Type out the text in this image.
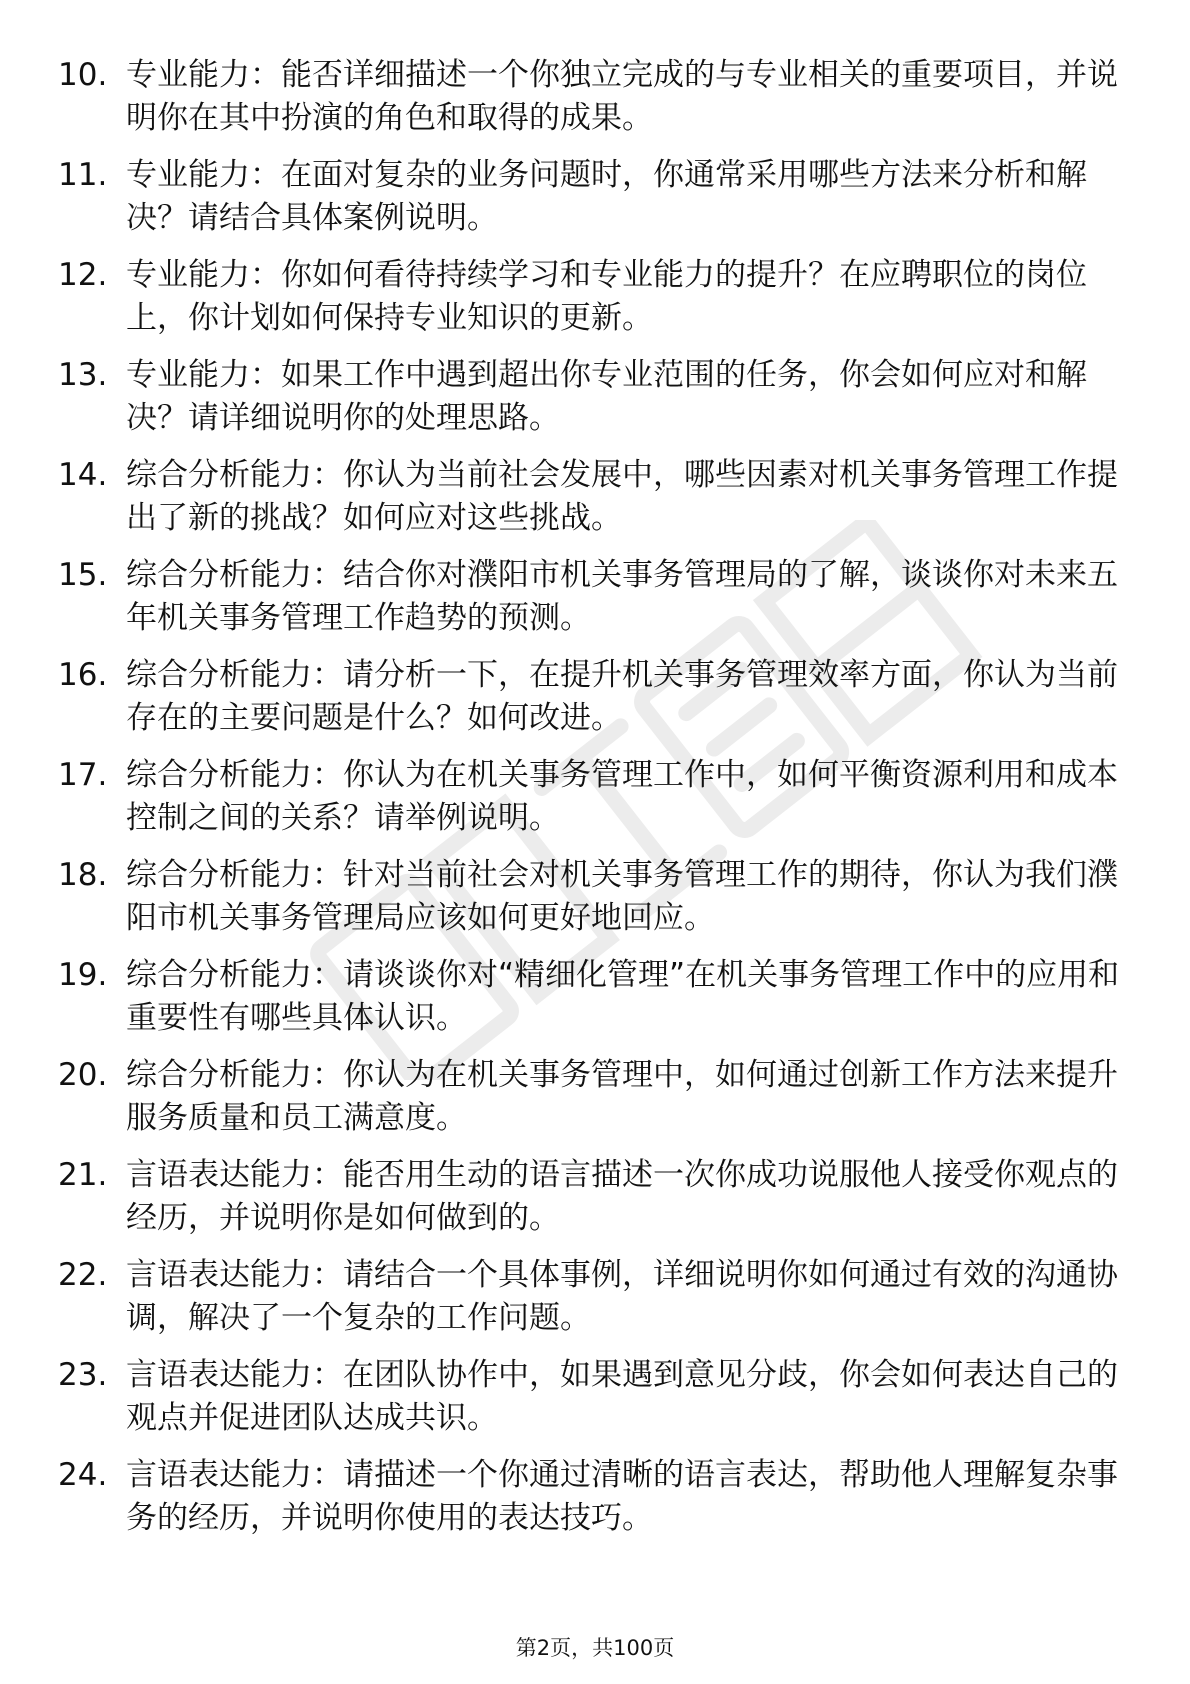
10. 专业能力：能否详细描述一个你独立完成的与专业相关的重要项目，并说明你在其中扮演的角色和取得的成果。
11. 专业能力：在面对复杂的业务问题时，你通常采用哪些方法来分析和解决？请结合具体案例说明。
12. 专业能力：你如何看待持续学习和专业能力的提升？在应聘职位的岗位上，你计划如何保持专业知识的更新。
13. 专业能力：如果工作中遇到超出你专业范围的任务，你会如何应对和解决？请详细说明你的处理思路。
14. 综合分析能力：你认为当前社会发展中，哪些因素对机关事务管理工作提出了新的挑战？如何应对这些挑战。
15. 综合分析能力：结合你对濮阳市机关事务管理局的了解，谈谈你对未来五年机关事务管理工作趋势的预测。
16. 综合分析能力：请分析一下，在提升机关事务管理效率方面，你认为当前存在的主要问题是什么？如何改进。
17. 综合分析能力：你认为在机关事务管理工作中，如何平衡资源利用和成本控制之间的关系？请举例说明。
18. 综合分析能力：针对当前社会对机关事务管理工作的期待，你认为我们濮阳市机关事务管理局应该如何更好地回应。
19. 综合分析能力：请谈谈你对“精细化管理”在机关事务管理工作中的应用和重要性有哪些具体认识。
20. 综合分析能力：你认为在机关事务管理中，如何通过创新工作方法来提升服务质量和员工满意度。
21. 言语表达能力：能否用生动的语言描述一次你成功说服他人接受你观点的经历，并说明你是如何做到的。
22. 言语表达能力：请结合一个具体事例，详细说明你如何通过有效的沟通协调，解决了一个复杂的工作问题。
23. 言语表达能力：在团队协作中，如果遇到意见分歧，你会如何表达自己的观点并促进团队达成共识。
24. 言语表达能力：请描述一个你通过清晰的语言表达，帮助他人理解复杂事务的经历，并说明你使用的表达技巧。
第2页，共100页
